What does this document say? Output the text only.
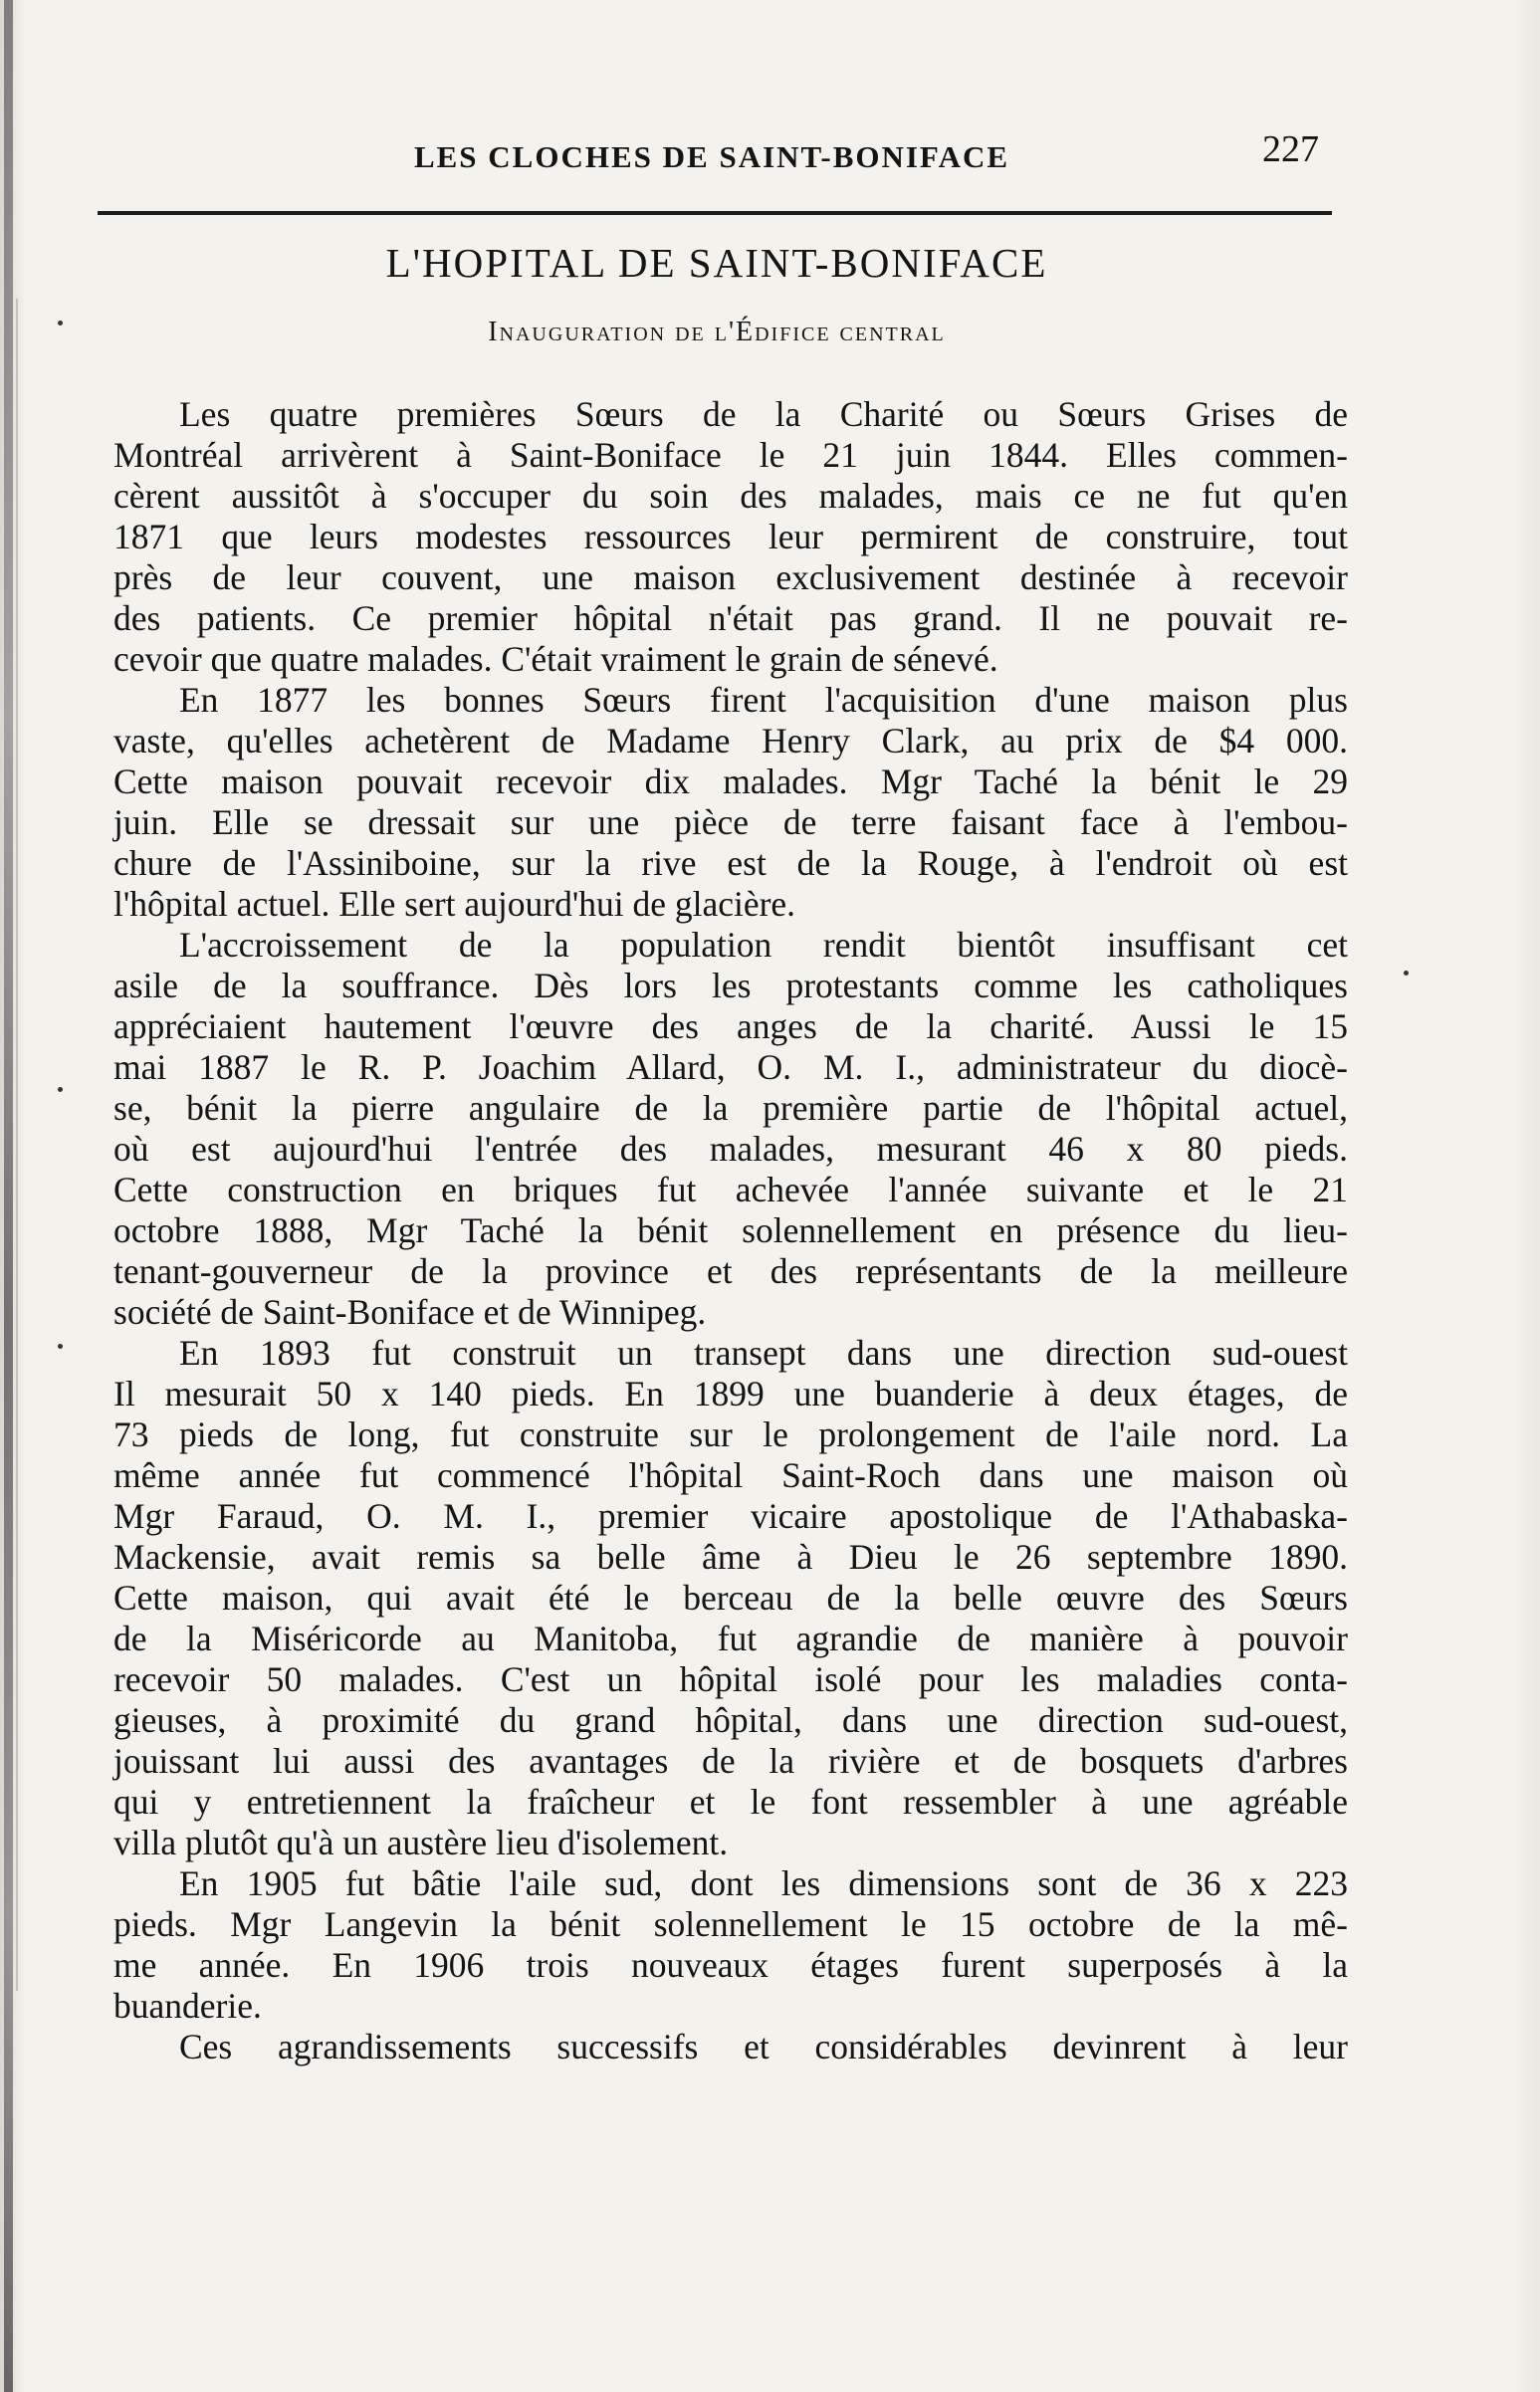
LES CLOCHES DE SAINT-BONIFACE	227
L'HOPITAL DE SAINT-BONIFACE
Inauguration de l'Édifice central
Les quatre premières Sœurs de la Charité ou Sœurs Grises de
Montréal arrivèrent à Saint-Boniface le 21 juin 1844. Elles commen-
cèrent aussitôt à s'occuper du soin des malades, mais ce ne fut qu'en
1871 que leurs modestes ressources leur permirent de construire, tout
près de leur couvent, une maison exclusivement destinée à recevoir
des patients. Ce premier hôpital n'était pas grand. Il ne pouvait re-
cevoir que quatre malades. C'était vraiment le grain de sénevé.
En 1877 les bonnes Sœurs firent l'acquisition d'une maison plus
vaste, qu'elles achetèrent de Madame Henry Clark, au prix de $4 000.
Cette maison pouvait recevoir dix malades. Mgr Taché la bénit le 29
juin. Elle se dressait sur une pièce de terre faisant face à l'embou-
chure de l'Assiniboine, sur la rive est de la Rouge, à l'endroit où est
l'hôpital actuel. Elle sert aujourd'hui de glacière.
L'accroissement de la population rendit bientôt insuffisant cet
asile de la souffrance. Dès lors les protestants comme les catholiques
appréciaient hautement l'œuvre des anges de la charité. Aussi le 15
mai 1887 le R. P. Joachim Allard, O. M. I., administrateur du diocè-
se, bénit la pierre angulaire de la première partie de l'hôpital actuel,
où est aujourd'hui l'entrée des malades, mesurant 46 x 80 pieds.
Cette construction en briques fut achevée l'année suivante et le 21
octobre 1888, Mgr Taché la bénit solennellement en présence du lieu-
tenant-gouverneur de la province et des représentants de la meilleure
société de Saint-Boniface et de Winnipeg.
En 1893 fut construit un transept dans une direction sud-ouest
Il mesurait 50 x 140 pieds. En 1899 une buanderie à deux étages, de
73 pieds de long, fut construite sur le prolongement de l'aile nord. La
même année fut commencé l'hôpital Saint-Roch dans une maison où
Mgr Faraud, O. M. I., premier vicaire apostolique de l'Athabaska-
Mackensie, avait remis sa belle âme à Dieu le 26 septembre 1890.
Cette maison, qui avait été le berceau de la belle œuvre des Sœurs
de la Miséricorde au Manitoba, fut agrandie de manière à pouvoir
recevoir 50 malades. C'est un hôpital isolé pour les maladies conta-
gieuses, à proximité du grand hôpital, dans une direction sud-ouest,
jouissant lui aussi des avantages de la rivière et de bosquets d'arbres
qui y entretiennent la fraîcheur et le font ressembler à une agréable
villa plutôt qu'à un austère lieu d'isolement.
En 1905 fut bâtie l'aile sud, dont les dimensions sont de 36 x 223
pieds. Mgr Langevin la bénit solennellement le 15 octobre de la mê-
me année. En 1906 trois nouveaux étages furent superposés à la
buanderie.
Ces agrandissements successifs et considérables devinrent à leur
